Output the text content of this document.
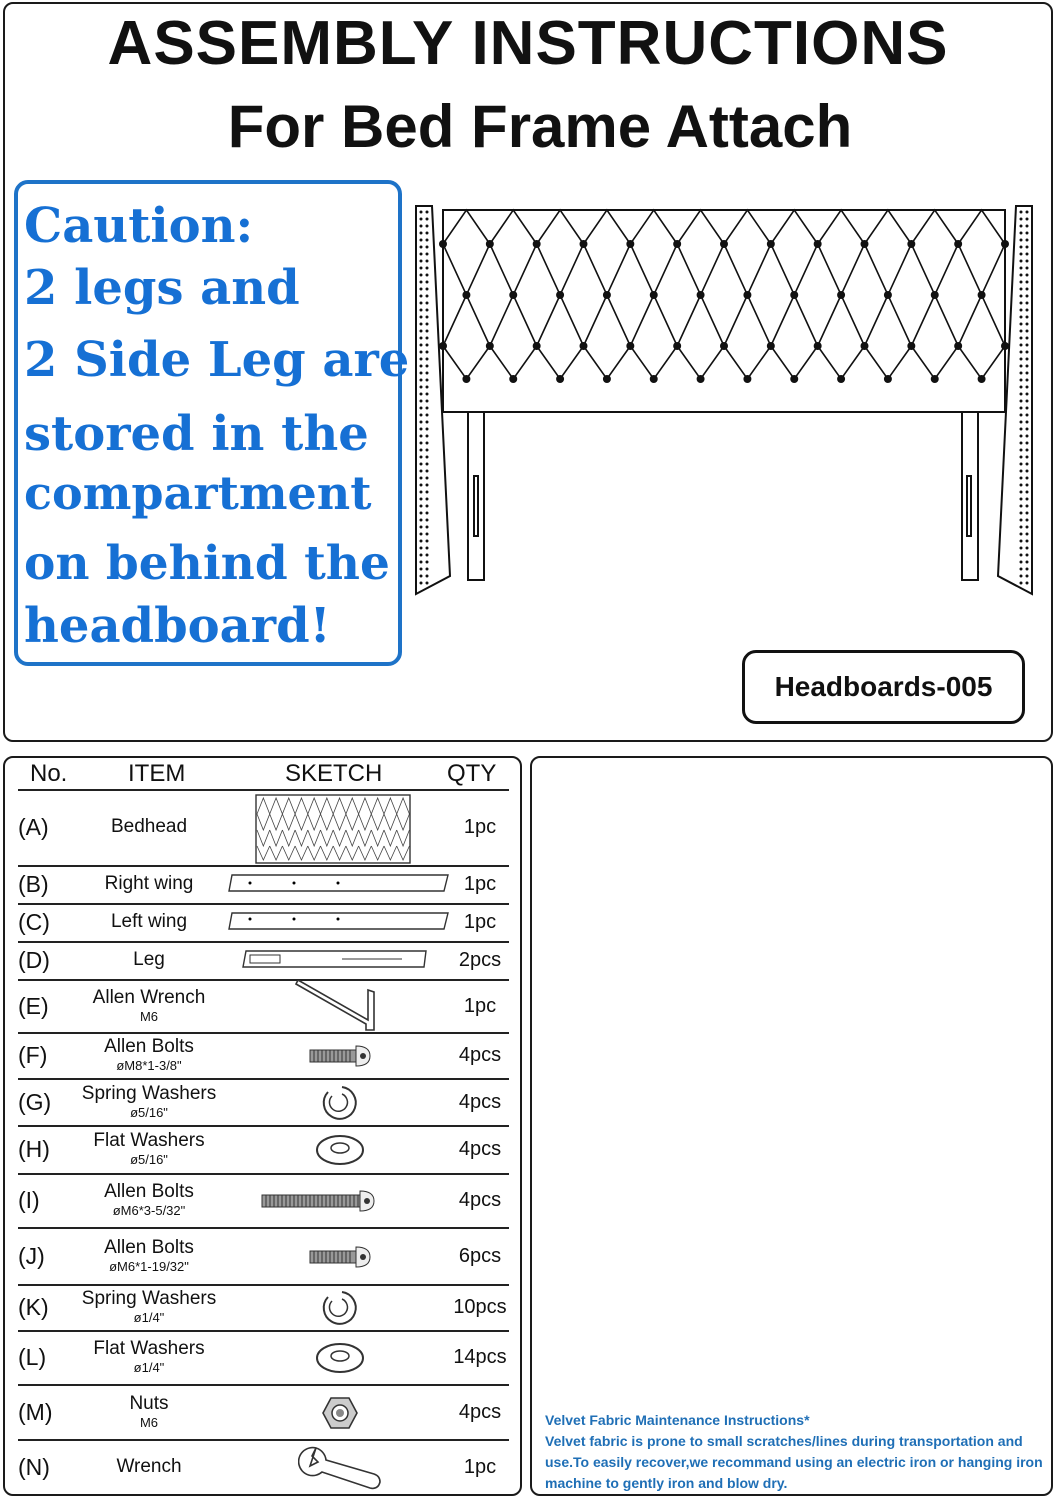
ASSEMBLY INSTRUCTIONS
For Bed Frame Attach
Caution:
2 legs and
2 Side Leg are
stored in the
compartment
on behind the
headboard!
Headboards-005
No.	ITEM	SKETCH	QTY
(A)	Bedhead	1pc
(B)	Right wing	1pc
(C)	Left wing	1pc
(D)	Leg	2pcs
(E)	Allen Wrench
M6	1pc
(F)	Allen Bolts
øM8*1-3/8"	4pcs
(G)	Spring Washers
ø5/16"	4pcs
(H)	Flat Washers
ø5/16"	4pcs
(I)	Allen Bolts
øM6*3-5/32"	4pcs
(J)	Allen Bolts
øM6*1-19/32"	6pcs
(K)	Spring Washers
ø1/4"	10pcs
(L)	Flat Washers
ø1/4"	14pcs
(M)	Nuts
M6	4pcs
(N)	Wrench	1pc
Velvet Fabric Maintenance Instructions*
Velvet fabric is prone to small scratches/lines during transportation and use.To easily recover,we recommand using an electric iron or hanging iron machine to gently iron and blow dry.
